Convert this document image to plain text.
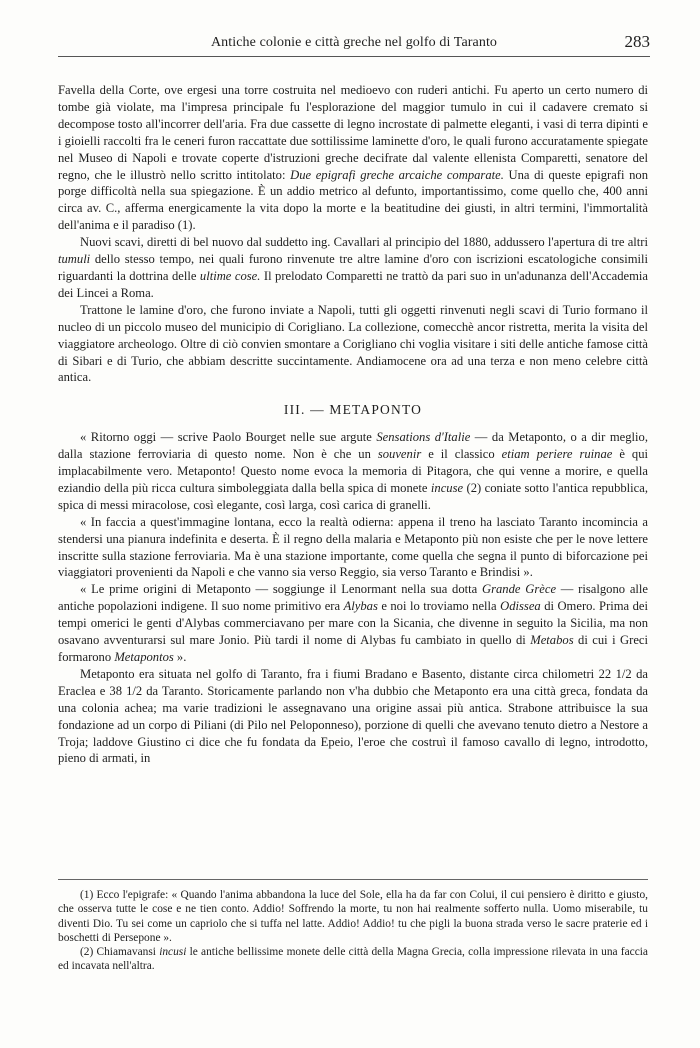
Antiche colonie e città greche nel golfo di Taranto	283

Favella della Corte, ove ergesi una torre costruita nel medioevo con ruderi antichi. Fu aperto un certo numero di tombe già violate, ma l'impresa principale fu l'esplorazione del maggior tumulo in cui il cadavere cremato si decompose tosto all'incorrer dell'aria. Fra due cassette di legno incrostate di palmette eleganti, i vasi di terra dipinti e i gioielli raccolti fra le ceneri furon raccattate due sottilissime laminette d'oro, le quali furono accuratamente spiegate nel Museo di Napoli e trovate coperte d'istruzioni greche decifrate dal valente ellenista Comparetti, senatore del regno, che le illustrò nello scritto intitolato: Due epigrafi greche arcaiche comparate. Una di queste epigrafi non porge difficoltà nella sua spiegazione. È un addio metrico al defunto, importantissimo, come quello che, 400 anni circa av. C., afferma energicamente la vita dopo la morte e la beatitudine dei giusti, in altri termini, l'immortalità dell'anima e il paradiso (1).

Nuovi scavi, diretti di bel nuovo dal suddetto ing. Cavallari al principio del 1880, addussero l'apertura di tre altri tumuli dello stesso tempo, nei quali furono rinvenute tre altre lamine d'oro con iscrizioni escatologiche consimili riguardanti la dottrina delle ultime cose. Il prelodato Comparetti ne trattò da pari suo in un'adunanza dell'Accademia dei Lincei a Roma.

Trattone le lamine d'oro, che furono inviate a Napoli, tutti gli oggetti rinvenuti negli scavi di Turio formano il nucleo di un piccolo museo del municipio di Corigliano. La collezione, comecchè ancor ristretta, merita la visita del viaggiatore archeologo. Oltre di ciò convien smontare a Corigliano chi voglia visitare i siti delle antiche famose città di Sibari e di Turio, che abbiam descritte succintamente. Andiamocene ora ad una terza e non meno celebre città antica.

III. — METAPONTO

« Ritorno oggi — scrive Paolo Bourget nelle sue argute Sensations d'Italie — da Metaponto, o a dir meglio, dalla stazione ferroviaria di questo nome. Non è che un souvenir e il classico etiam periere ruinae è qui implacabilmente vero. Metaponto! Questo nome evoca la memoria di Pitagora, che qui venne a morire, e quella eziandio della più ricca cultura simboleggiata dalla bella spica di monete incuse (2) coniate sotto l'antica repubblica, spica di messi miracolose, così elegante, così larga, così carica di granelli.

« In faccia a quest'immagine lontana, ecco la realtà odierna: appena il treno ha lasciato Taranto incomincia a stendersi una pianura indefinita e deserta. È il regno della malaria e Metaponto più non esiste che per le nove lettere inscritte sulla stazione ferroviaria. Ma è una stazione importante, come quella che segna il punto di biforcazione pei viaggiatori provenienti da Napoli e che vanno sia verso Reggio, sia verso Taranto e Brindisi ».

« Le prime origini di Metaponto — soggiunge il Lenormant nella sua dotta Grande Grèce — risalgono alle antiche popolazioni indigene. Il suo nome primitivo era Alybas e noi lo troviamo nella Odissea di Omero. Prima dei tempi omerici le genti d'Alybas commerciavano per mare con la Sicania, che divenne in seguito la Sicilia, ma non osavano avventurarsi sul mare Jonio. Più tardi il nome di Alybas fu cambiato in quello di Metabos di cui i Greci formarono Metapontos ».

Metaponto era situata nel golfo di Taranto, fra i fiumi Bradano e Basento, distante circa chilometri 22 1/2 da Eraclea e 38 1/2 da Taranto. Storicamente parlando non v'ha dubbio che Metaponto era una città greca, fondata da una colonia achea; ma varie tradizioni le assegnavano una origine assai più antica. Strabone attribuisce la sua fondazione ad un corpo di Piliani (di Pilo nel Peloponneso), porzione di quelli che avevano tenuto dietro a Nestore a Troja; laddove Giustino ci dice che fu fondata da Epeio, l'eroe che costruì il famoso cavallo di legno, introdotto, pieno di armati, in

(1) Ecco l'epigrafe: « Quando l'anima abbandona la luce del Sole, ella ha da far con Colui, il cui pensiero è diritto e giusto, che osserva tutte le cose e ne tien conto. Addio! Soffrendo la morte, tu non hai realmente sofferto nulla. Uomo miserabile, tu diventi Dio. Tu sei come un capriolo che si tuffa nel latte. Addio! Addio! tu che pigli la buona strada verso le sacre praterie ed i boschetti di Persepone ».

(2) Chiamavansi incusi le antiche bellissime monete delle città della Magna Grecia, colla impressione rilevata in una faccia ed incavata nell'altra.
